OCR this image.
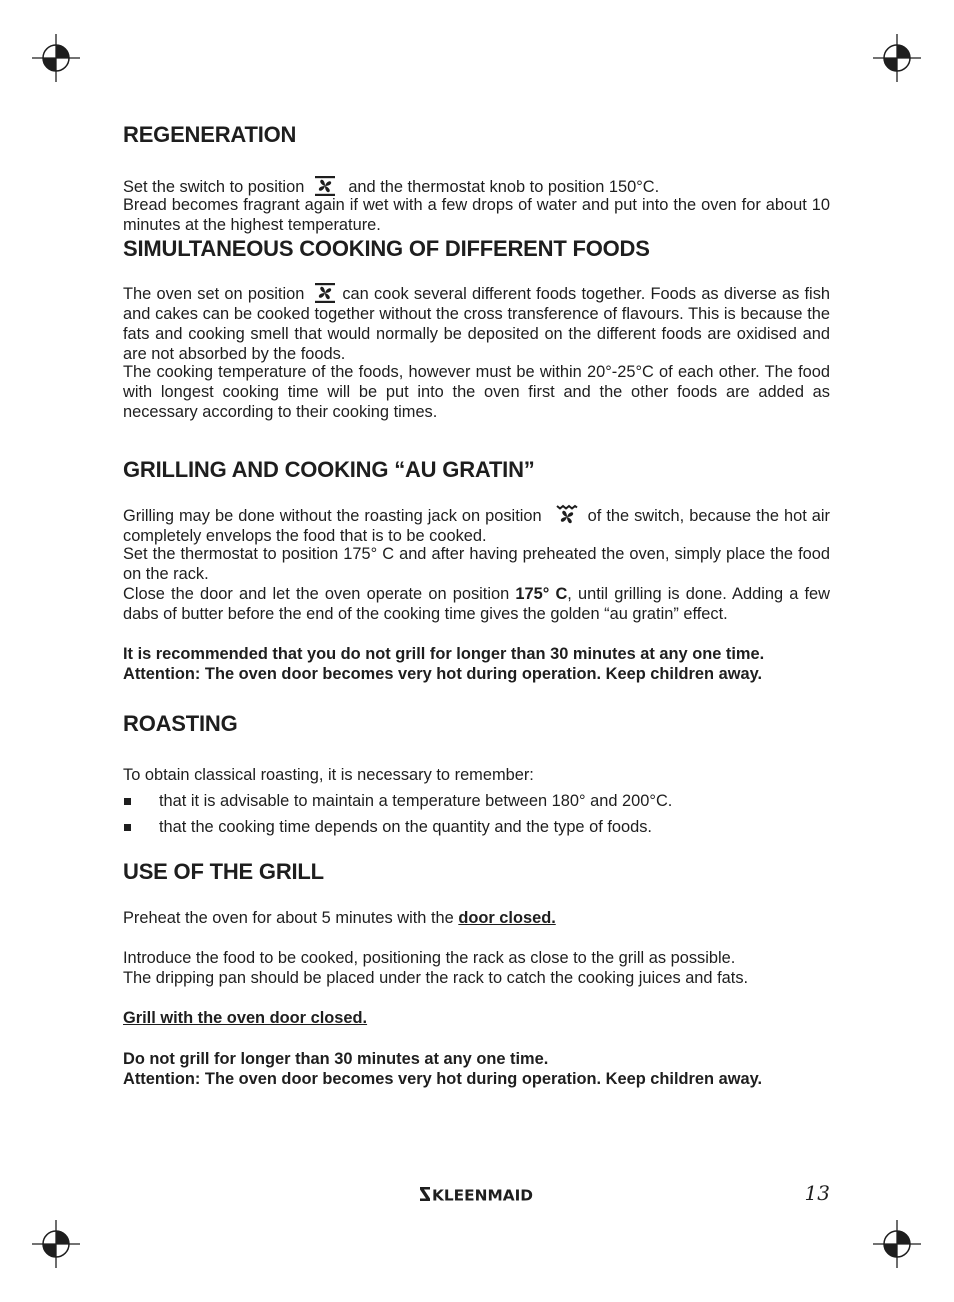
REGENERATION

Set the switch to position	and the thermostat knob to position 150°C.

Bread becomes fragrant again if wet with a few drops of water and put into the oven for about 10 minutes at the highest temperature.

SIMULTANEOUS COOKING OF DIFFERENT FOODS

The oven set on position can cook several different foods together. Foods as diverse as fish and cakes can be cooked together without the cross transference of flavours. This is because the fats and cooking smell that would normally be deposited on the different foods are oxidised and are not absorbed by the foods.

The cooking temperature of the foods, however must be within 20°-25°C of each other. The food with longest cooking time will be put into the oven first and the other foods are added as necessary according to their cooking times.

GRILLING AND COOKING “AU GRATIN”

Grilling may be done without the roasting jack on position	of the switch, because the hot air completely envelops the food that is to be cooked.

Set the thermostat to position 175° C and after having preheated the oven, simply place the food on the rack.

Close the door and let the oven operate on position 175° C, until grilling is done. Adding a few dabs of butter before the end of the cooking time gives the golden “au gratin” effect.

It is recommended that you do not grill for longer than 30 minutes at any one time.

Attention: The oven door becomes very hot during operation. Keep children away.

ROASTING

To obtain classical roasting, it is necessary to remember:

that it is advisable to maintain a temperature between 180° and 200°C.
that the cooking time depends on the quantity and the type of foods.
USE OF THE GRILL

Preheat the oven for about 5 minutes with the door closed.

Introduce the food to be cooked, positioning the rack as close to the grill as possible.

The dripping pan should be placed under the rack to catch the cooking juices and fats.

Grill with the oven door closed.

Do not grill for longer than 30 minutes at any one time.

Attention: The oven door becomes very hot during operation. Keep children away.

KLEENMAID	13
